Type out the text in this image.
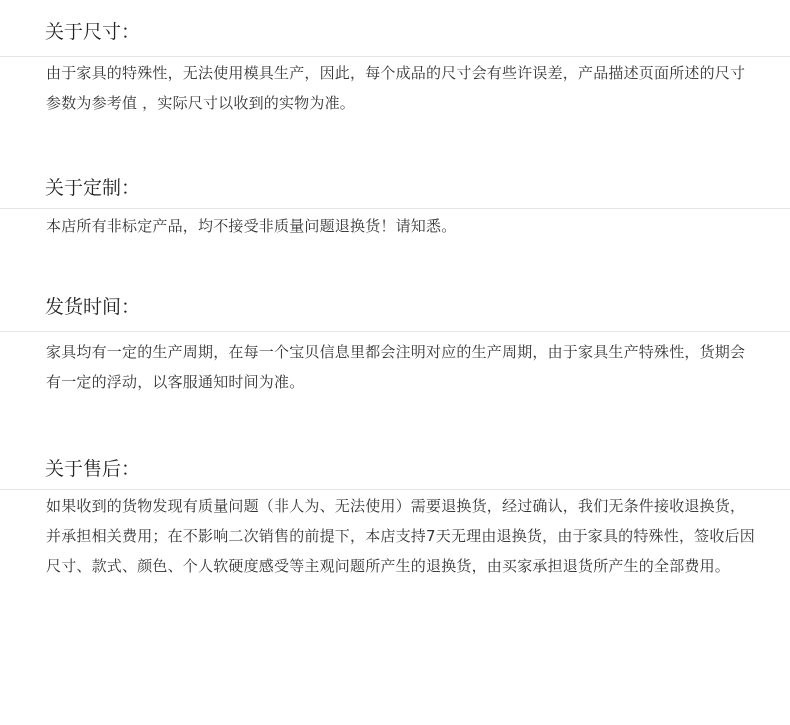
关于尺寸：

由于家具的特殊性，无法使用模具生产，因此，每个成品的尺寸会有些许误差，产品描述页面所述的尺寸参数为参考值 ，实际尺寸以收到的实物为准。

关于定制：

本店所有非标定产品，均不接受非质量问题退换货！请知悉。

发货时间：

家具均有一定的生产周期，在每一个宝贝信息里都会注明对应的生产周期，由于家具生产特殊性，货期会有一定的浮动，以客服通知时间为准。

关于售后：

如果收到的货物发现有质量问题（非人为、无法使用）需要退换货，经过确认，我们无条件接收退换货，并承担相关费用；在不影响二次销售的前提下，本店支持7天无理由退换货，由于家具的特殊性，签收后因尺寸、款式、颜色、个人软硬度感受等主观问题所产生的退换货，由买家承担退货所产生的全部费用。
